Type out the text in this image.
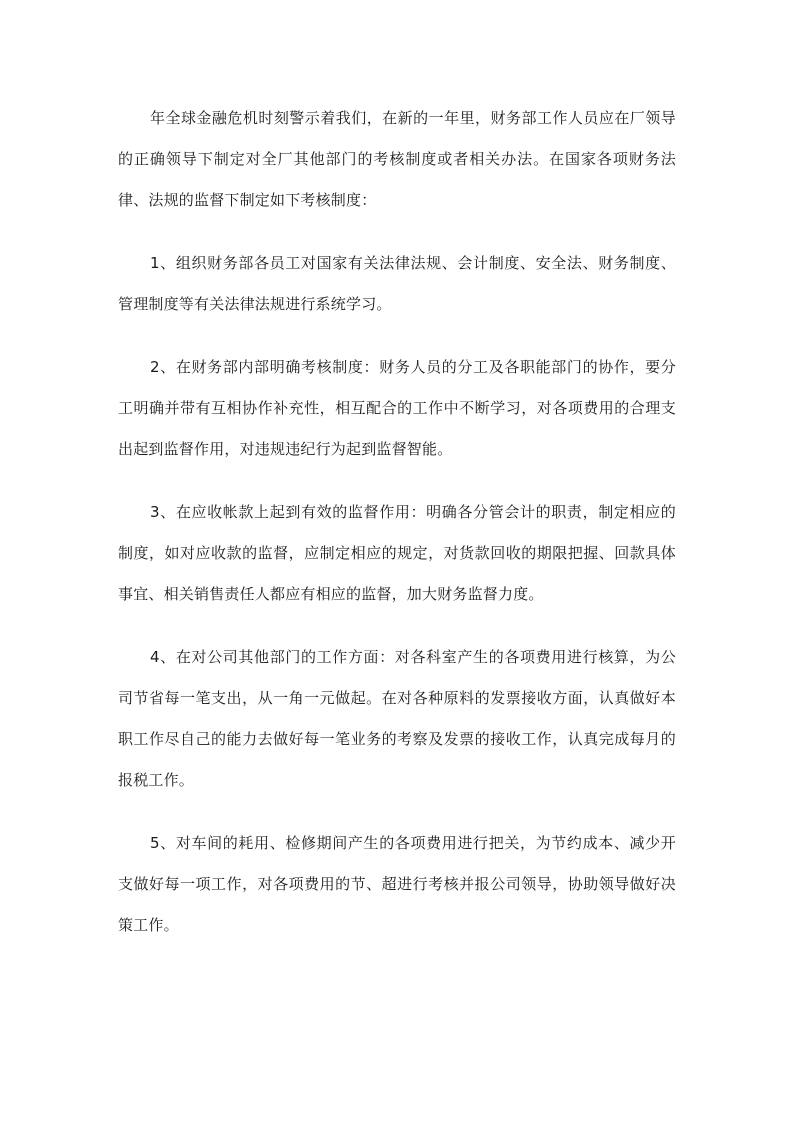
年全球金融危机时刻警示着我们，在新的一年里，财务部工作人员应在厂领导的正确领导下制定对全厂其他部门的考核制度或者相关办法。在国家各项财务法律、法规的监督下制定如下考核制度：

1、组织财务部各员工对国家有关法律法规、会计制度、安全法、财务制度、管理制度等有关法律法规进行系统学习。

2、在财务部内部明确考核制度：财务人员的分工及各职能部门的协作，要分工明确并带有互相协作补充性，相互配合的工作中不断学习，对各项费用的合理支出起到监督作用，对违规违纪行为起到监督智能。

3、在应收帐款上起到有效的监督作用：明确各分管会计的职责，制定相应的制度，如对应收款的监督，应制定相应的规定，对货款回收的期限把握、回款具体事宜、相关销售责任人都应有相应的监督，加大财务监督力度。

4、在对公司其他部门的工作方面：对各科室产生的各项费用进行核算，为公司节省每一笔支出，从一角一元做起。在对各种原料的发票接收方面，认真做好本职工作尽自己的能力去做好每一笔业务的考察及发票的接收工作，认真完成每月的报税工作。

5、对车间的耗用、检修期间产生的各项费用进行把关，为节约成本、减少开支做好每一项工作，对各项费用的节、超进行考核并报公司领导，协助领导做好决策工作。
